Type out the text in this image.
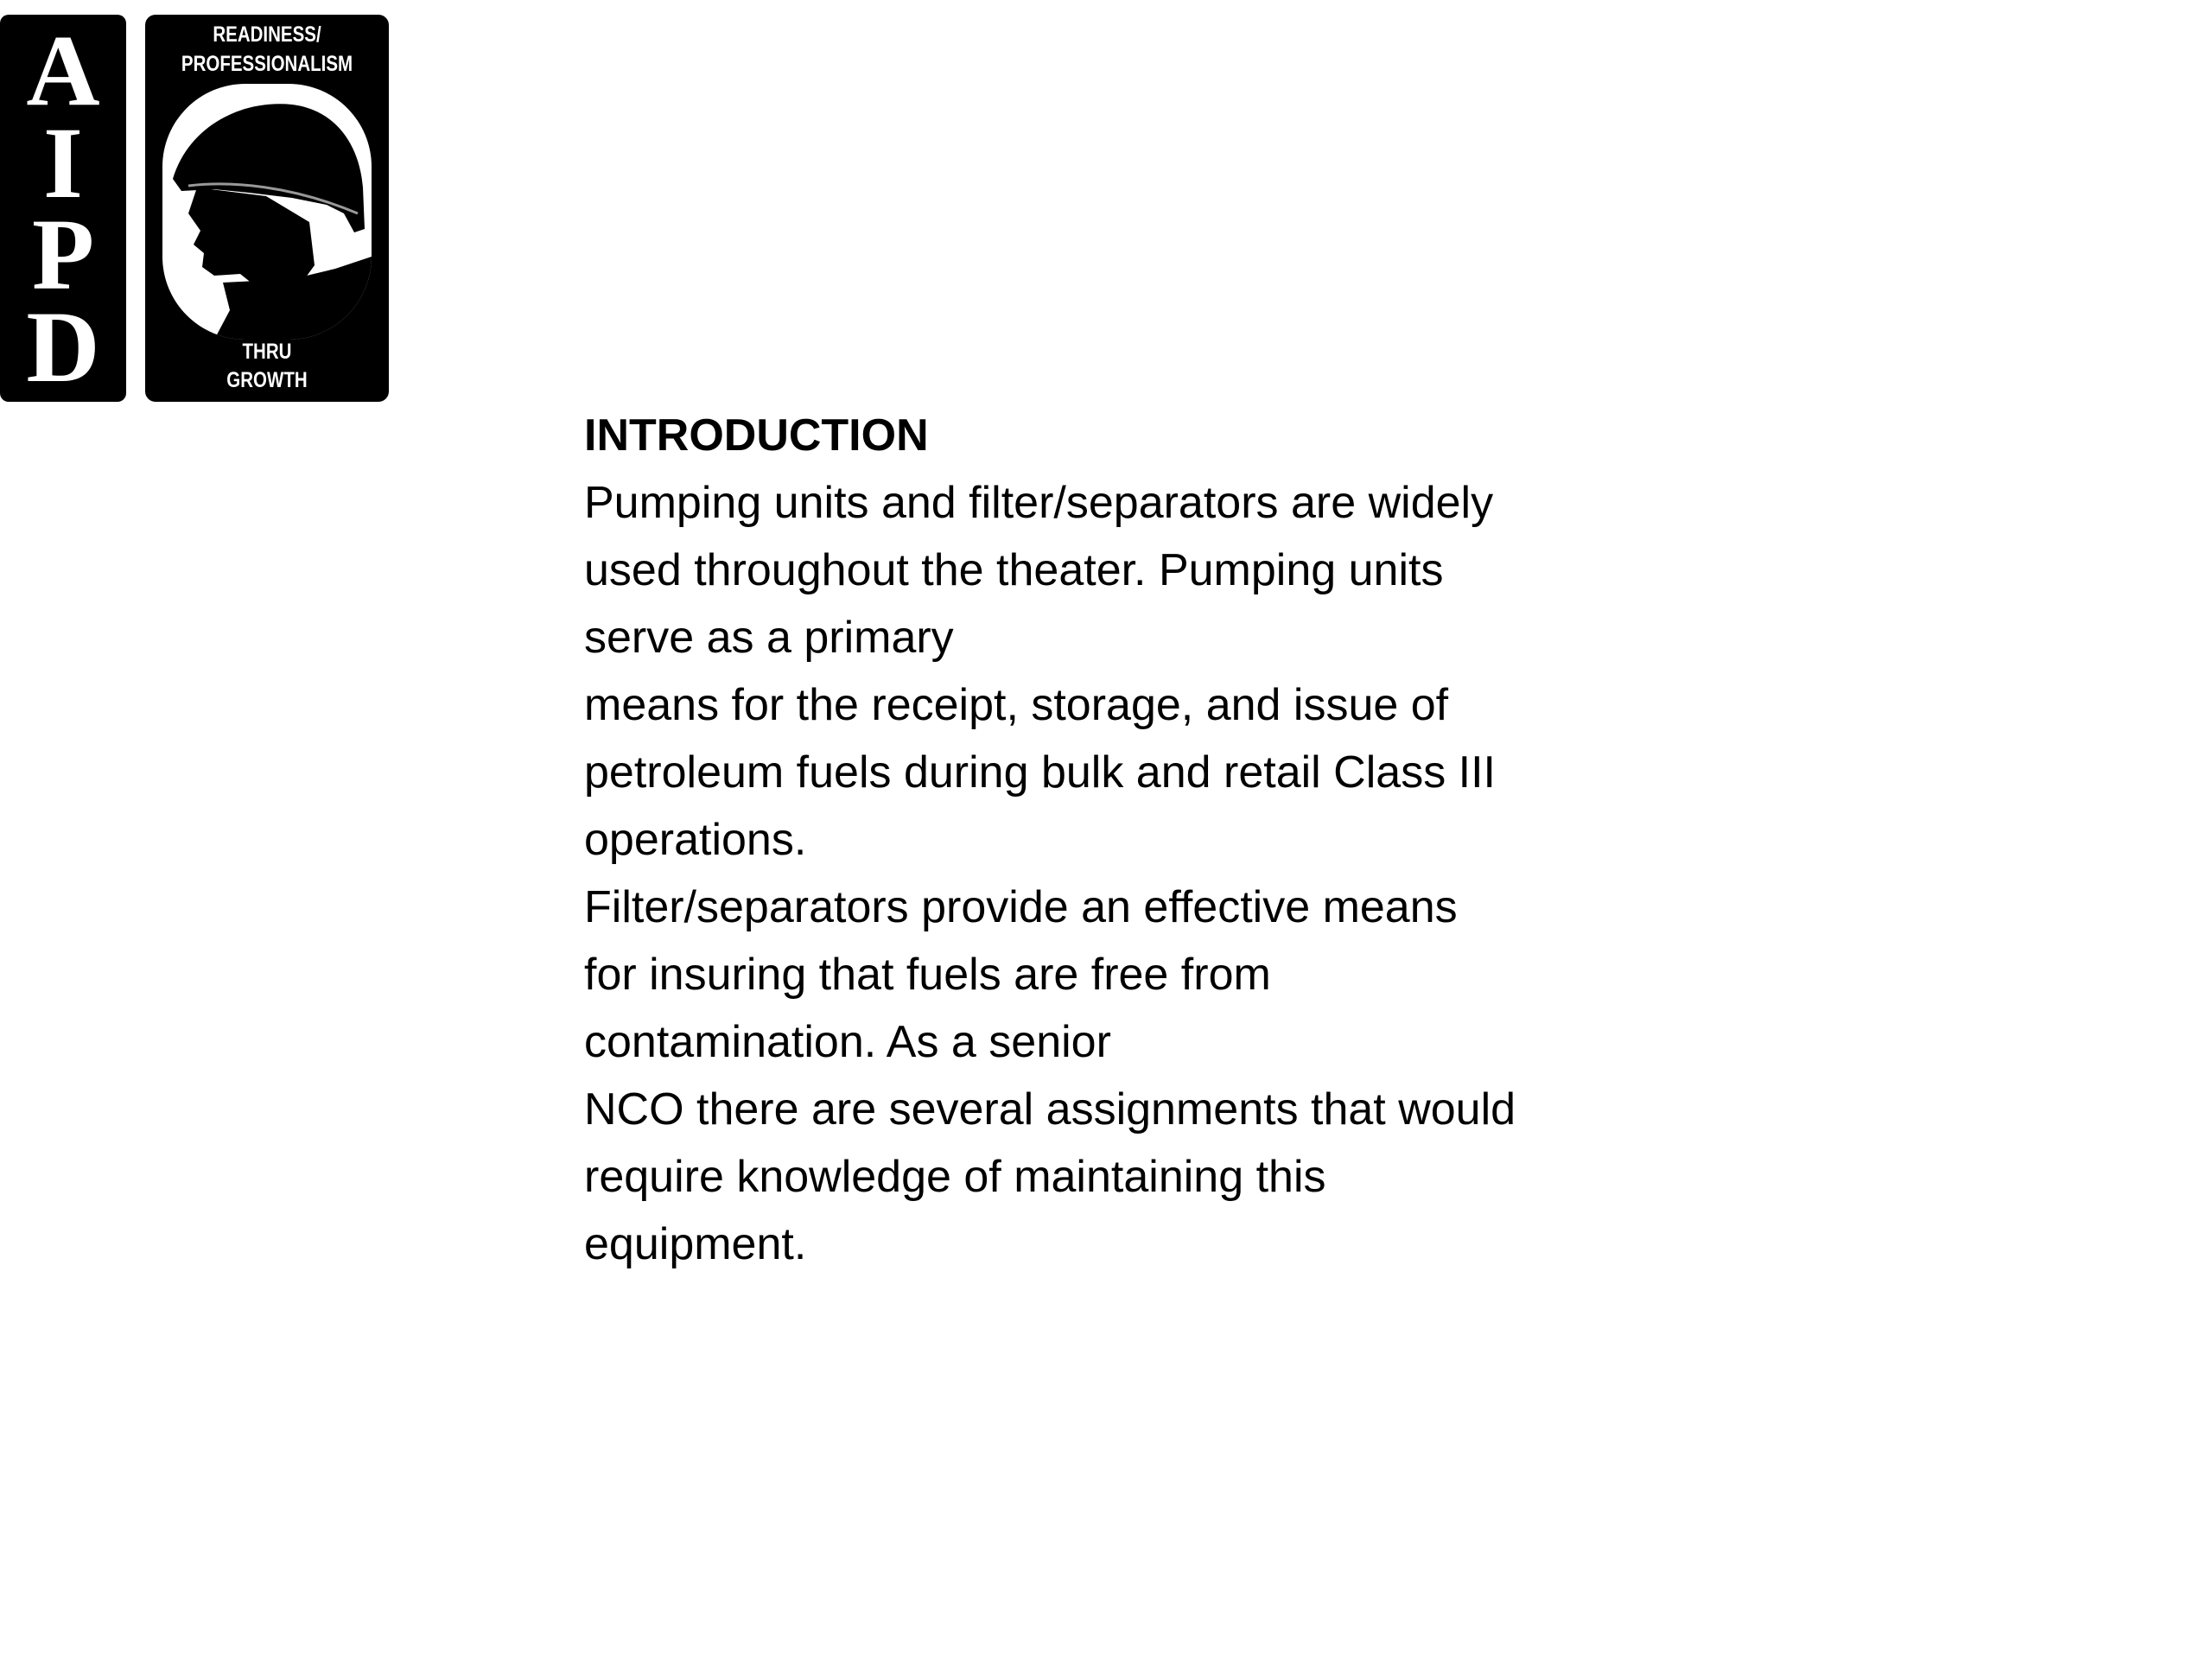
A
I
P
D
READINESS/
PROFESSIONALISM
THRU
GROWTH

INTRODUCTION

Pumping units and filter/separators are widely

used throughout the theater. Pumping units

serve as a primary

means for the receipt, storage, and issue of

petroleum fuels during bulk and retail Class III

operations.

Filter/separators provide an effective means

for insuring that fuels are free from

contamination. As a senior

NCO there are several assignments that would

require knowledge of maintaining this

equipment.
